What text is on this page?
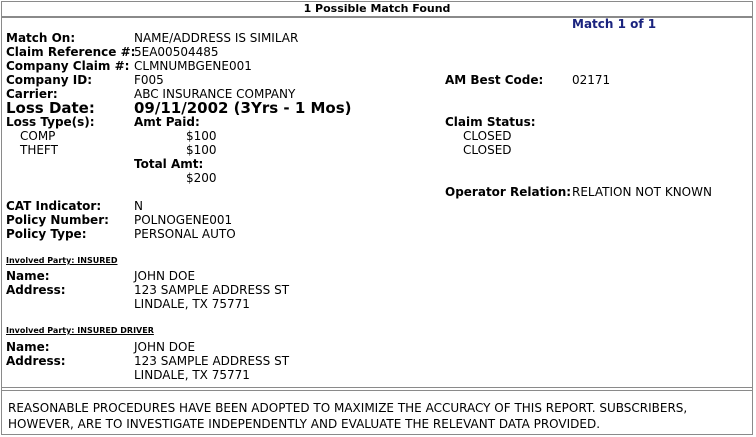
1 Possible Match Found
Match 1 of 1
Match On:	NAME/ADDRESS IS SIMILAR
Claim Reference #:
5EA00504485
Company Claim #: CLMNUMBGENE001
Company ID:	F005	AM Best Code: 02171
Carrier:	ABC INSURANCE COMPANY
Loss Date:	09/11/2002 (3Yrs - 1 Mos)
Loss Type(s):	Amt Paid:	Claim Status:
COMP	$100	CLOSED
THEFT	$100	CLOSED
Total Amt:
$200
Operator Relation: RELATION NOT KNOWN
CAT Indicator:	N
Policy Number: POLNOGENE001
Policy Type:	PERSONAL AUTO
Involved Party: INSURED
Name:	JOHN DOE
Address:	123 SAMPLE ADDRESS ST
LINDALE, TX 75771
Involved Party: INSURED DRIVER
Name:	JOHN DOE
Address:	123 SAMPLE ADDRESS ST
LINDALE, TX 75771
REASONABLE PROCEDURES HAVE BEEN ADOPTED TO MAXIMIZE THE ACCURACY OF THIS REPORT. SUBSCRIBERS, HOWEVER, ARE TO INVESTIGATE INDEPENDENTLY AND EVALUATE THE RELEVANT DATA PROVIDED.
